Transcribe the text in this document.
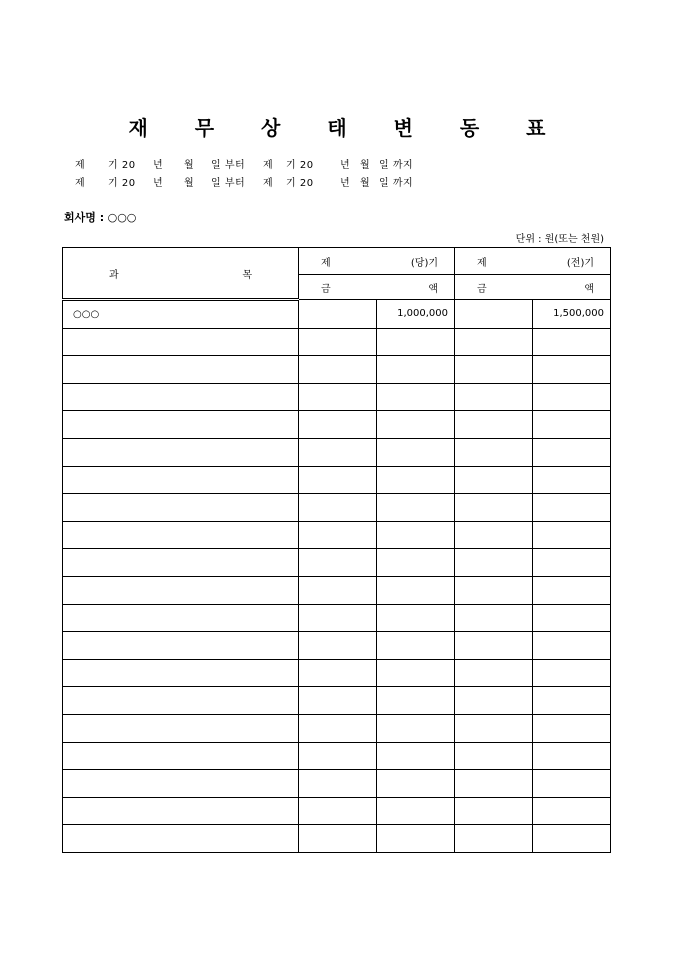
재 무 상 태 변 동 표
제 기 20 년 월 일 부터 제 기 20	년 월 일 까지
제 기 20 년 월 일 부터 제 기 20	년 월 일 까지
회사명 : ○○○
단위 : 원(또는 천원)
과 목	제 (당)기		제 (전)기	

	금 액		금 액	

○○○		1,000,000		1,500,000
